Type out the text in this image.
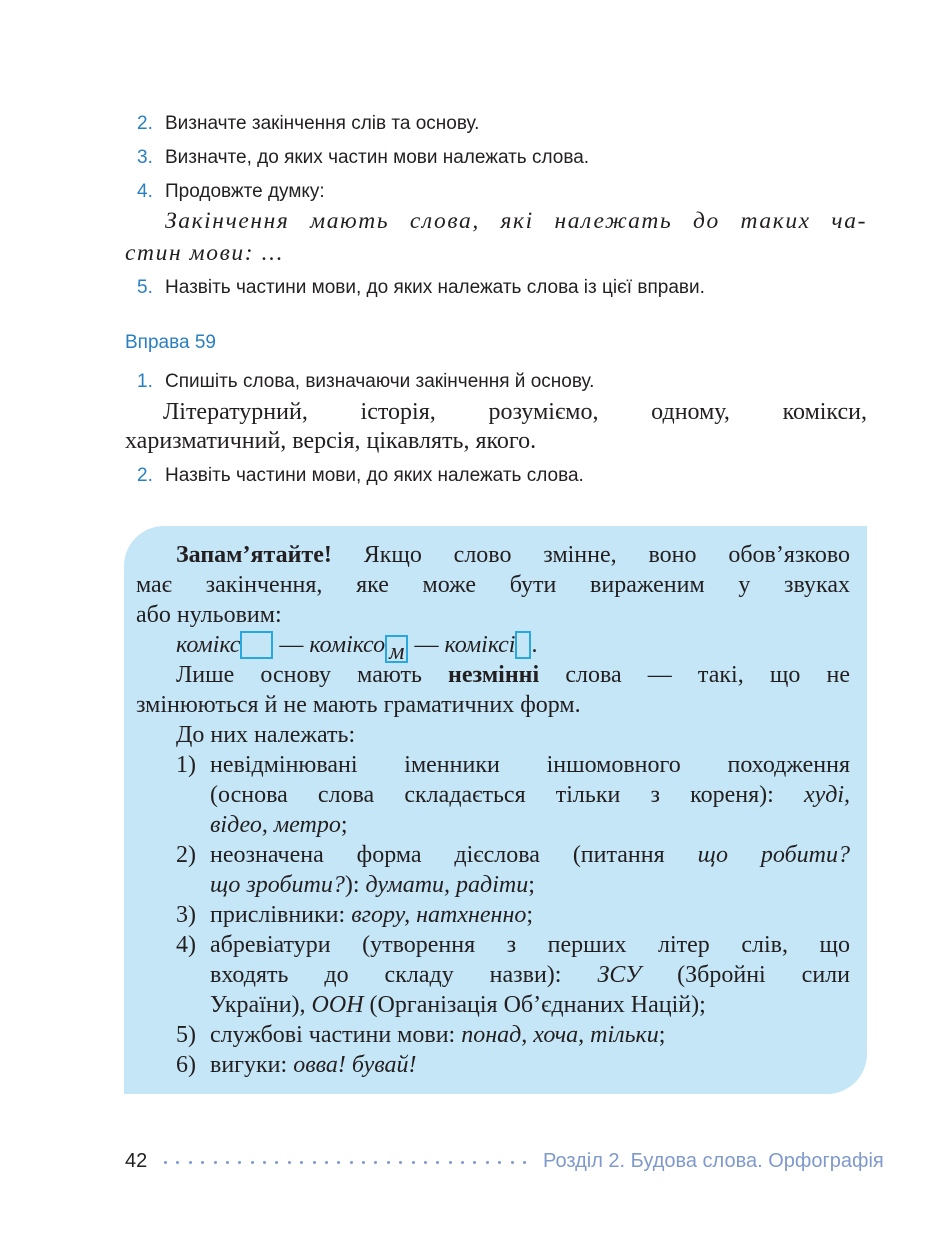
2. Визначте закінчення слів та основу.
3. Визначте, до яких частин мови належать слова.
4. Продовжте думку:
Закінчення мають слова, які належать до таких ча-
стин мови: ...
5. Назвіть частини мови, до яких належать слова із цієї вправи.
Вправа 59
1. Спишіть слова, визначаючи закінчення й основу.
Літературний, історія, розуміємо, одному, комікси,
харизматичний, версія, цікавлять, якого.
2. Назвіть частини мови, до яких належать слова.
Запам’ятайте! Якщо слово змінне, воно обов’язково
має закінчення, яке може бути вираженим у звуках
або нульовим:
комікс — коміксо м — коміксі .
Лише основу мають незмінні слова — такі, що не
змінюються й не мають граматичних форм.
До них належать:
1) невідмінювані іменники іншомовного походження
(основа слова складається тільки з кореня): худі,
відео, метро;
2) неозначена форма дієслова (питання що робити?
що зробити?): думати, радіти;
3) прислівники: вгору, натхненно;
4) абревіатури (утворення з перших літер слів, що
входять до складу назви): ЗСУ (Збройні сили
України), ООН (Організація Об’єднаних Націй);
5) службові частини мови: понад, хоча, тільки;
6) вигуки: овва! бувай!
42	Розділ 2. Будова слова. Орфографія
